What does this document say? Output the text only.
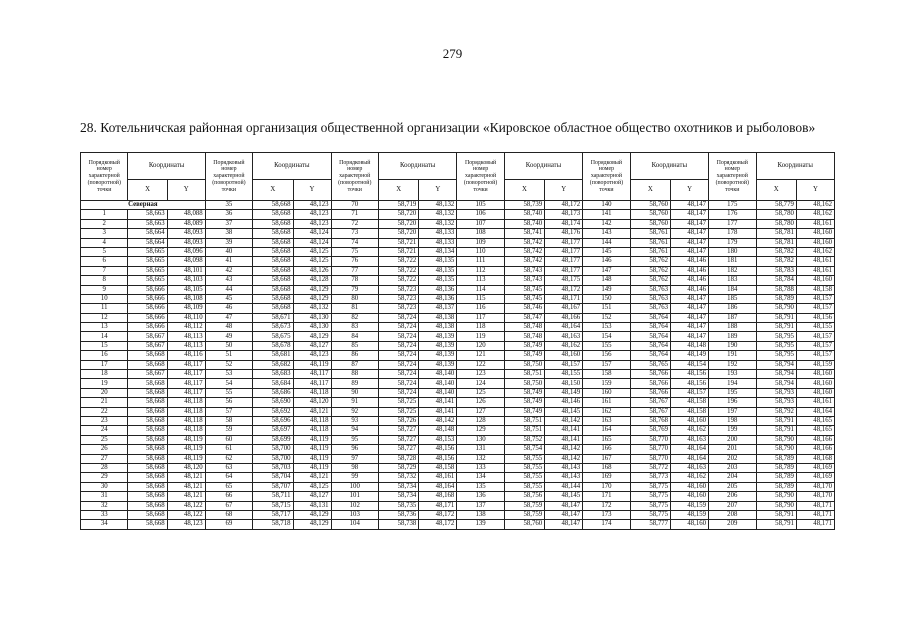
279
28. Котельничская районная организация общественной организации «Кировское областное общество охотников и рыболовов»
Порядковый номер характерной (поворотной) точки	Координаты		Порядковый номер характерной (поворотной) точки	Координаты		Порядковый номер характерной (поворотной) точки	Координаты		Порядковый номер характерной (поворотной) точки	Координаты		Порядковый номер характерной (поворотной) точки	Координаты		Порядковый номер характерной (поворотной) точки	Координаты	
	X	Y		X	Y		X	Y		X	Y		X	Y		X	Y
Северная			35	58,668	48,123	70	58,719	48,132	105	58,739	48,172	140	58,760	48,147	175	58,779	48,162
1	58,663	48,088	36	58,668	48,123	71	58,720	48,132	106	58,740	48,173	141	58,760	48,147	176	58,780	48,162
2	58,663	48,089	37	58,668	48,123	72	58,720	48,132	107	58,740	48,174	142	58,760	48,147	177	58,780	48,161
3	58,664	48,093	38	58,668	48,124	73	58,720	48,133	108	58,741	48,176	143	58,761	48,147	178	58,781	48,160
4	58,664	48,093	39	58,668	48,124	74	58,721	48,133	109	58,742	48,177	144	58,761	48,147	179	58,781	48,160
5	58,665	48,096	40	58,668	48,125	75	58,721	48,134	110	58,742	48,177	145	58,761	48,147	180	58,782	48,162
6	58,665	48,098	41	58,668	48,125	76	58,722	48,135	111	58,742	48,177	146	58,762	48,146	181	58,782	48,161
7	58,665	48,101	42	58,668	48,126	77	58,722	48,135	112	58,743	48,177	147	58,762	48,146	182	58,783	48,161
8	58,665	48,103	43	58,668	48,128	78	58,722	48,135	113	58,743	48,175	148	58,762	48,146	183	58,784	48,160
9	58,666	48,105	44	58,668	48,129	79	58,723	48,136	114	58,745	48,172	149	58,763	48,146	184	58,788	48,158
10	58,666	48,108	45	58,668	48,129	80	58,723	48,136	115	58,745	48,171	150	58,763	48,147	185	58,789	48,157
11	58,666	48,109	46	58,668	48,132	81	58,723	48,137	116	58,746	48,167	151	58,763	48,147	186	58,790	48,157
12	58,666	48,110	47	58,671	48,130	82	58,724	48,138	117	58,747	48,166	152	58,764	48,147	187	58,791	48,156
13	58,666	48,112	48	58,673	48,130	83	58,724	48,138	118	58,748	48,164	153	58,764	48,147	188	58,791	48,155
14	58,667	48,113	49	58,675	48,129	84	58,724	48,139	119	58,748	48,163	154	58,764	48,147	189	58,795	48,157
15	58,667	48,113	50	58,678	48,127	85	58,724	48,139	120	58,749	48,162	155	58,764	48,148	190	58,795	48,157
16	58,668	48,116	51	58,681	48,123	86	58,724	48,139	121	58,749	48,160	156	58,764	48,149	191	58,795	48,157
17	58,668	48,117	52	58,682	48,119	87	58,724	48,139	122	58,750	48,157	157	58,765	48,154	192	58,794	48,159
18	58,667	48,117	53	58,683	48,117	88	58,724	48,140	123	58,751	48,155	158	58,766	48,156	193	58,794	48,160
19	58,668	48,117	54	58,684	48,117	89	58,724	48,140	124	58,750	48,150	159	58,766	48,156	194	58,794	48,160
20	58,668	48,117	55	58,686	48,118	90	58,724	48,140	125	58,749	48,149	160	58,766	48,157	195	58,793	48,160
21	58,668	48,118	56	58,690	48,120	91	58,725	48,141	126	58,749	48,146	161	58,767	48,158	196	58,793	48,161
22	58,668	48,118	57	58,692	48,121	92	58,725	48,141	127	58,749	48,145	162	58,767	48,158	197	58,792	48,164
23	58,668	48,118	58	58,696	48,118	93	58,726	48,142	128	58,751	48,142	163	58,768	48,160	198	58,791	48,165
24	58,668	48,118	59	58,697	48,118	94	58,727	48,148	129	58,751	48,141	164	58,769	48,162	199	58,791	48,165
25	58,668	48,119	60	58,699	48,119	95	58,727	48,153	130	58,752	48,141	165	58,770	48,163	200	58,790	48,166
26	58,668	48,119	61	58,700	48,119	96	58,727	48,156	131	58,754	48,142	166	58,770	48,164	201	58,790	48,166
27	58,668	48,119	62	58,700	48,119	97	58,728	48,156	132	58,755	48,142	167	58,770	48,164	202	58,789	48,168
28	58,668	48,120	63	58,703	48,119	98	58,729	48,158	133	58,755	48,143	168	58,772	48,163	203	58,789	48,169
29	58,668	48,121	64	58,704	48,121	99	58,732	48,161	134	58,755	48,143	169	58,773	48,162	204	58,789	48,169
30	58,668	48,121	65	58,707	48,125	100	58,734	48,164	135	58,755	48,144	170	58,775	48,160	205	58,789	48,170
31	58,668	48,121	66	58,711	48,127	101	58,734	48,168	136	58,756	48,145	171	58,775	48,160	206	58,790	48,170
32	58,668	48,122	67	58,715	48,131	102	58,735	48,171	137	58,759	48,147	172	58,775	48,159	207	58,790	48,171
33	58,668	48,122	68	58,717	48,129	103	58,736	48,172	138	58,759	48,147	173	58,775	48,159	208	58,791	48,171
34	58,668	48,123	69	58,718	48,129	104	58,738	48,172	139	58,760	48,147	174	58,777	48,160	209	58,791	48,171
